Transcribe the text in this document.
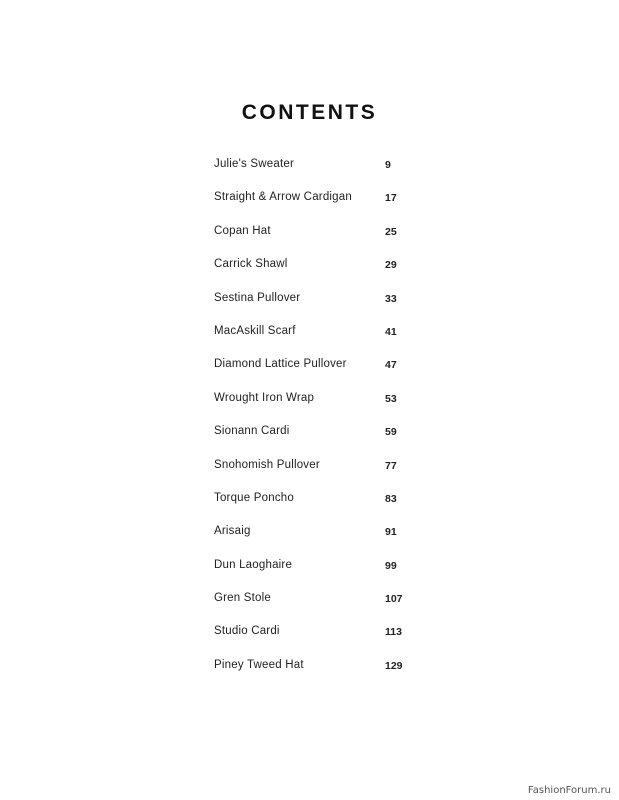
CONTENTS
Julie's Sweater	9
Straight & Arrow Cardigan	17
Copan Hat	25
Carrick Shawl	29
Sestina Pullover	33
MacAskill Scarf	41
Diamond Lattice Pullover	47
Wrought Iron Wrap	53
Sionann Cardi	59
Snohomish Pullover	77
Torque Poncho	83
Arisaig	91
Dun Laoghaire	99
Gren Stole	107
Studio Cardi	113
Piney Tweed Hat	129
FashionForum.ru
